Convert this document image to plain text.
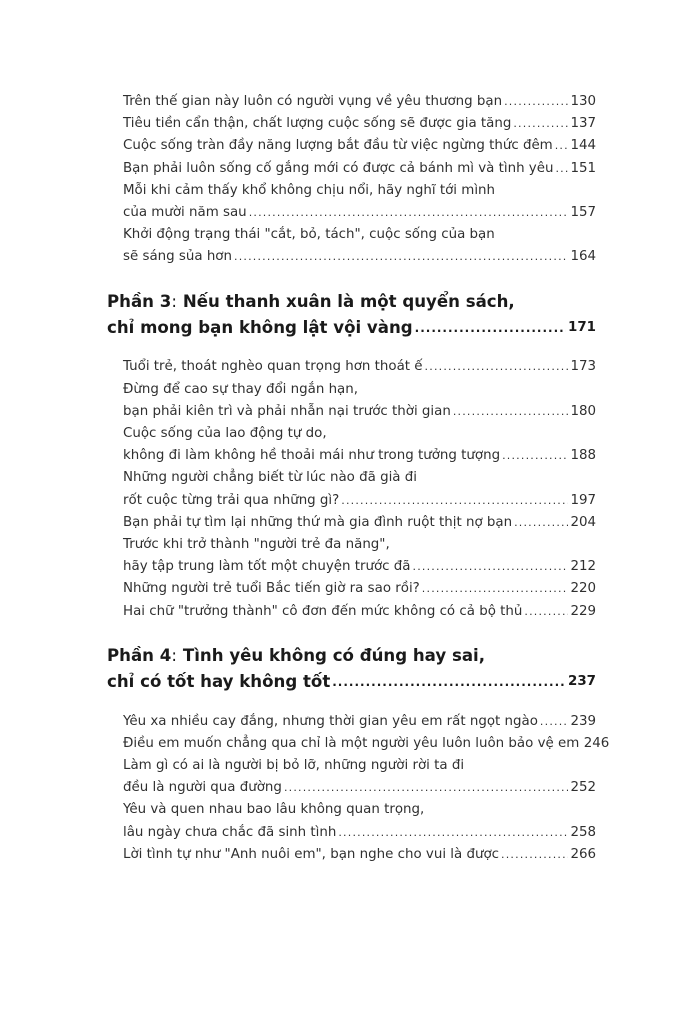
Trên thế gian này luôn có người vụng về yêu thương bạn .....	130
Tiêu tiền cẩn thận, chất lượng cuộc sống sẽ được gia tăng .....	137
Cuộc sống tràn đầy năng lượng bắt đầu từ việc ngừng thức đêm ..... 144
Bạn phải luôn sống cố gắng mới có được cả bánh mì và tình yêu ..... 151
Mỗi khi cảm thấy khổ không chịu nổi, hãy nghĩ tới mình
của mười năm sau .....	157
Khởi động trạng thái "cắt, bỏ, tách", cuộc sống của bạn
sẽ sáng sủa hơn .....	164
Phần 3 : Nếu thanh xuân là một quyển sách,
chỉ mong bạn không lật vội vàng .....	171
Tuổi trẻ, thoát nghèo quan trọng hơn thoát ế .....	173
Đừng để cao sự thay đổi ngắn hạn,
bạn phải kiên trì và phải nhẫn nại trước thời gian .....	180
Cuộc sống của lao động tự do,
không đi làm không hề thoải mái như trong tưởng tượng .....	188
Những người chẳng biết từ lúc nào đã già đi
rốt cuộc từng trải qua những gì? .....	197
Bạn phải tự tìm lại những thứ mà gia đình ruột thịt nợ bạn .....	204
Trước khi trở thành "người trẻ đa năng",
hãy tập trung làm tốt một chuyện trước đã .....	212
Những người trẻ tuổi Bắc tiến giờ ra sao rồi? .....	220
Hai chữ "trưởng thành" cô đơn đến mức không có cả bộ thủ .....	229
Phần 4 : Tình yêu không có đúng hay sai,
chỉ có tốt hay không tốt .....	237
Yêu xa nhiều cay đắng, nhưng thời gian yêu em rất ngọt ngào ..... 239
Điều em muốn chẳng qua chỉ là một người yêu luôn luôn bảo vệ em 246
Làm gì có ai là người bị bỏ lỡ, những người rời ta đi
đều là người qua đường .....	252
Yêu và quen nhau bao lâu không quan trọng,
lâu ngày chưa chắc đã sinh tình .....	258
Lời tình tự như "Anh nuôi em", bạn nghe cho vui là được .....	266
